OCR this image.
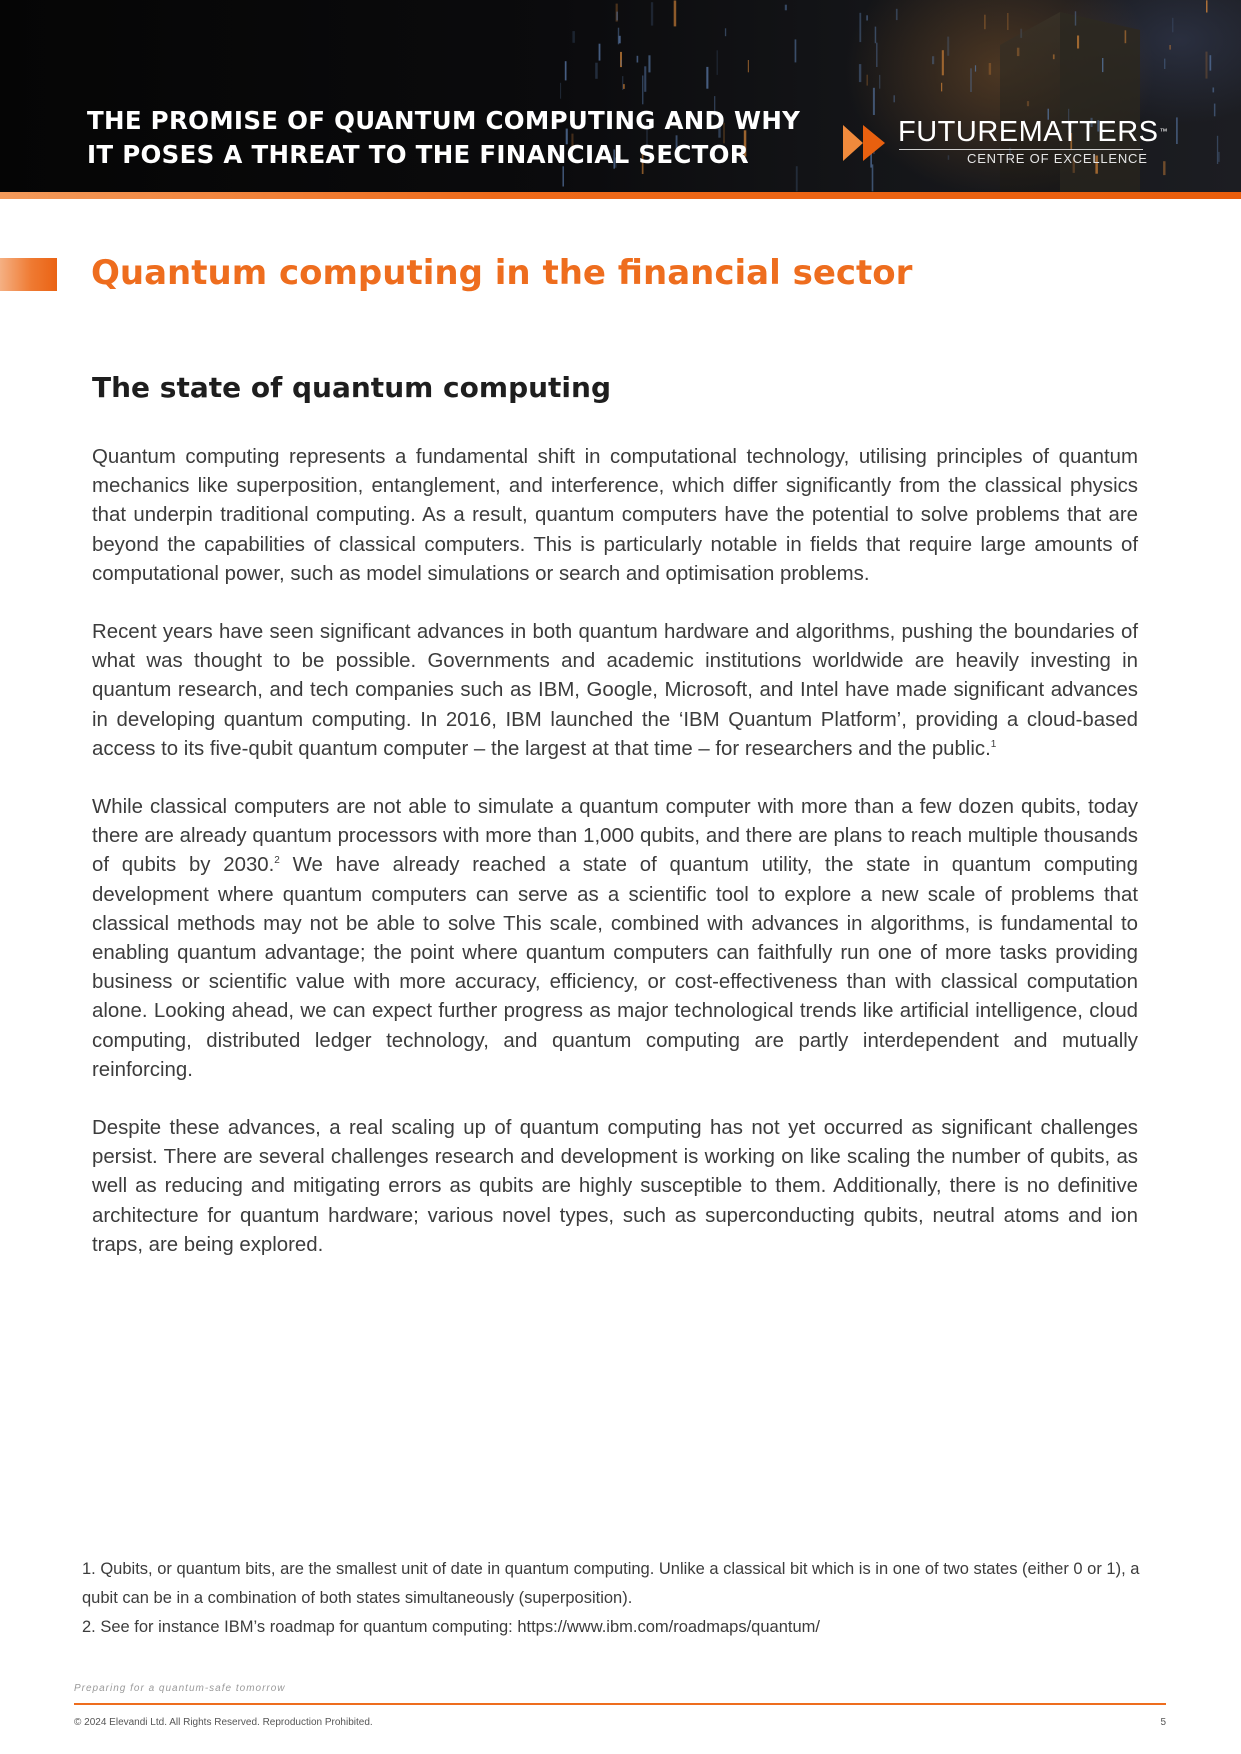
THE PROMISE OF QUANTUM COMPUTING AND WHY
IT POSES A THREAT TO THE FINANCIAL SECTOR
FUTUREMATTERS™
CENTRE OF EXCELLENCE
Quantum computing in the financial sector
The state of quantum computing

Quantum computing represents a fundamental shift in computational technology, utilising principles of quantum mechanics like superposition, entanglement, and interference, which differ significantly from the classical physics that underpin traditional computing. As a result, quantum computers have the potential to solve problems that are beyond the capabilities of classical computers. This is particularly notable in fields that require large amounts of computational power, such as model simulations or search and optimisation problems.

Recent years have seen significant advances in both quantum hardware and algorithms, pushing the boundaries of what was thought to be possible. Governments and academic institutions worldwide are heavily investing in quantum research, and tech companies such as IBM, Google, Microsoft, and Intel have made significant advances in developing quantum computing. In 2016, IBM launched the ‘IBM Quantum Platform’, providing a cloud-based access to its five-qubit quantum computer – the largest at that time – for researchers and the public.$^1$

While classical computers are not able to simulate a quantum computer with more than a few dozen qubits, today there are already quantum processors with more than 1,000 qubits, and there are plans to reach multiple thousands of qubits by 2030.$^2$ We have already reached a state of quantum utility, the state in quantum computing development where quantum computers can serve as a scientific tool to explore a new scale of problems that classical methods may not be able to solve This scale, combined with advances in algorithms, is fundamental to enabling quantum advantage; the point where quantum computers can faithfully run one of more tasks providing business or scientific value with more accuracy, efficiency, or cost-effectiveness than with classical computation alone. Looking ahead, we can expect further progress as major technological trends like artificial intelligence, cloud computing, distributed ledger technology, and quantum computing are partly interdependent and mutually reinforcing.

Despite these advances, a real scaling up of quantum computing has not yet occurred as significant challenges persist. There are several challenges research and development is working on like scaling the number of qubits, as well as reducing and mitigating errors as qubits are highly susceptible to them. Additionally, there is no definitive architecture for quantum hardware; various novel types, such as superconducting qubits, neutral atoms and ion traps, are being explored.

1. Qubits, or quantum bits, are the smallest unit of date in quantum computing. Unlike a classical bit which is in one of two states (either 0 or 1), a qubit can be in a combination of both states simultaneously (superposition).

2. See for instance IBM’s roadmap for quantum computing: https://www.ibm.com/roadmaps/quantum/

Preparing for a quantum-safe tomorrow
© 2024 Elevandi Ltd. All Rights Reserved. Reproduction Prohibited.	5
